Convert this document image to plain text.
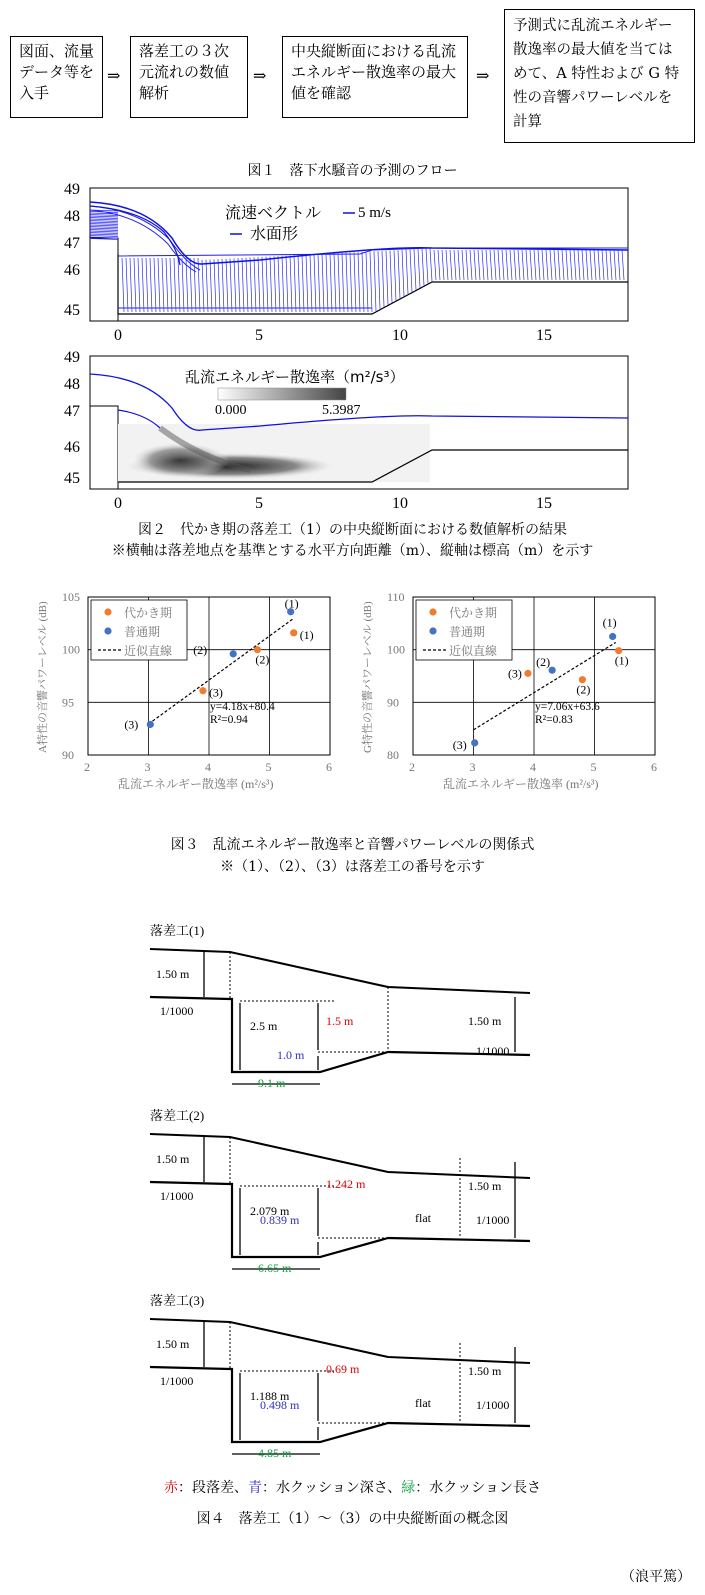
図面、流量データ等を入手
⇒
落差工の３次元流れの数値解析
⇒
中央縦断面における乱流エネルギー散逸率の最大値を確認
⇒
予測式に乱流エネルギー散逸率の最大値を当てはめて、A 特性および G 特性の音響パワーレベルを計算
図１　落下水騒音の予測のフロー
49
48
47
46
45
0	5	10	15
流速ベクトル 5 m/s
水面形
49
48
47
46
45
0	5	10	15
乱流エネルギー散逸率（m²/s³）
0.000	5.3987
図２　代かき期の落差工（1）の中央縦断面における数値解析の結果
※横軸は落差地点を基準とする水平方向距離（m）、縦軸は標高（m）を示す
2	3	4	5	6
105
100
95
90
乱流エネルギー散逸率 (m²/s³)
A特性の音響パワーレベル (dB)	(1)
(2)
(3)
(1)
(2)
(3)
y=4.18x+80.4
R²=0.94
代かき期
普通期
近似直線
2	3	4	5	6
110
100
90
80
乱流エネルギー散逸率 (m²/s³)
G特性の音響パワーレベル (dB)	(1)
(2)
(3)
(1)
(2)
(3)
y=7.06x+63.6
R²=0.83
代かき期
普通期
近似直線
図３　乱流エネルギー散逸率と音響パワーレベルの関係式
※（1）、（2）、（3）は落差工の番号を示す
落差工(1)
1.50 m
1/1000
2.5 m	1.5 m
1.0 m
9.1 m
1.50 m
1/1000
落差工(2)
1.50 m
1/1000
2.079 m
1.242 m
0.839 m
6.65 m
1.50 m
1/1000
flat
落差工(3)
1.50 m
1/1000
1.188 m
0.69 m
0.498 m
4.85 m
1.50 m
1/1000
flat
赤：段落差、青：水クッション深さ、緑：水クッション長さ
図４　落差工（1）～（3）の中央縦断面の概念図
（浪平篤）
